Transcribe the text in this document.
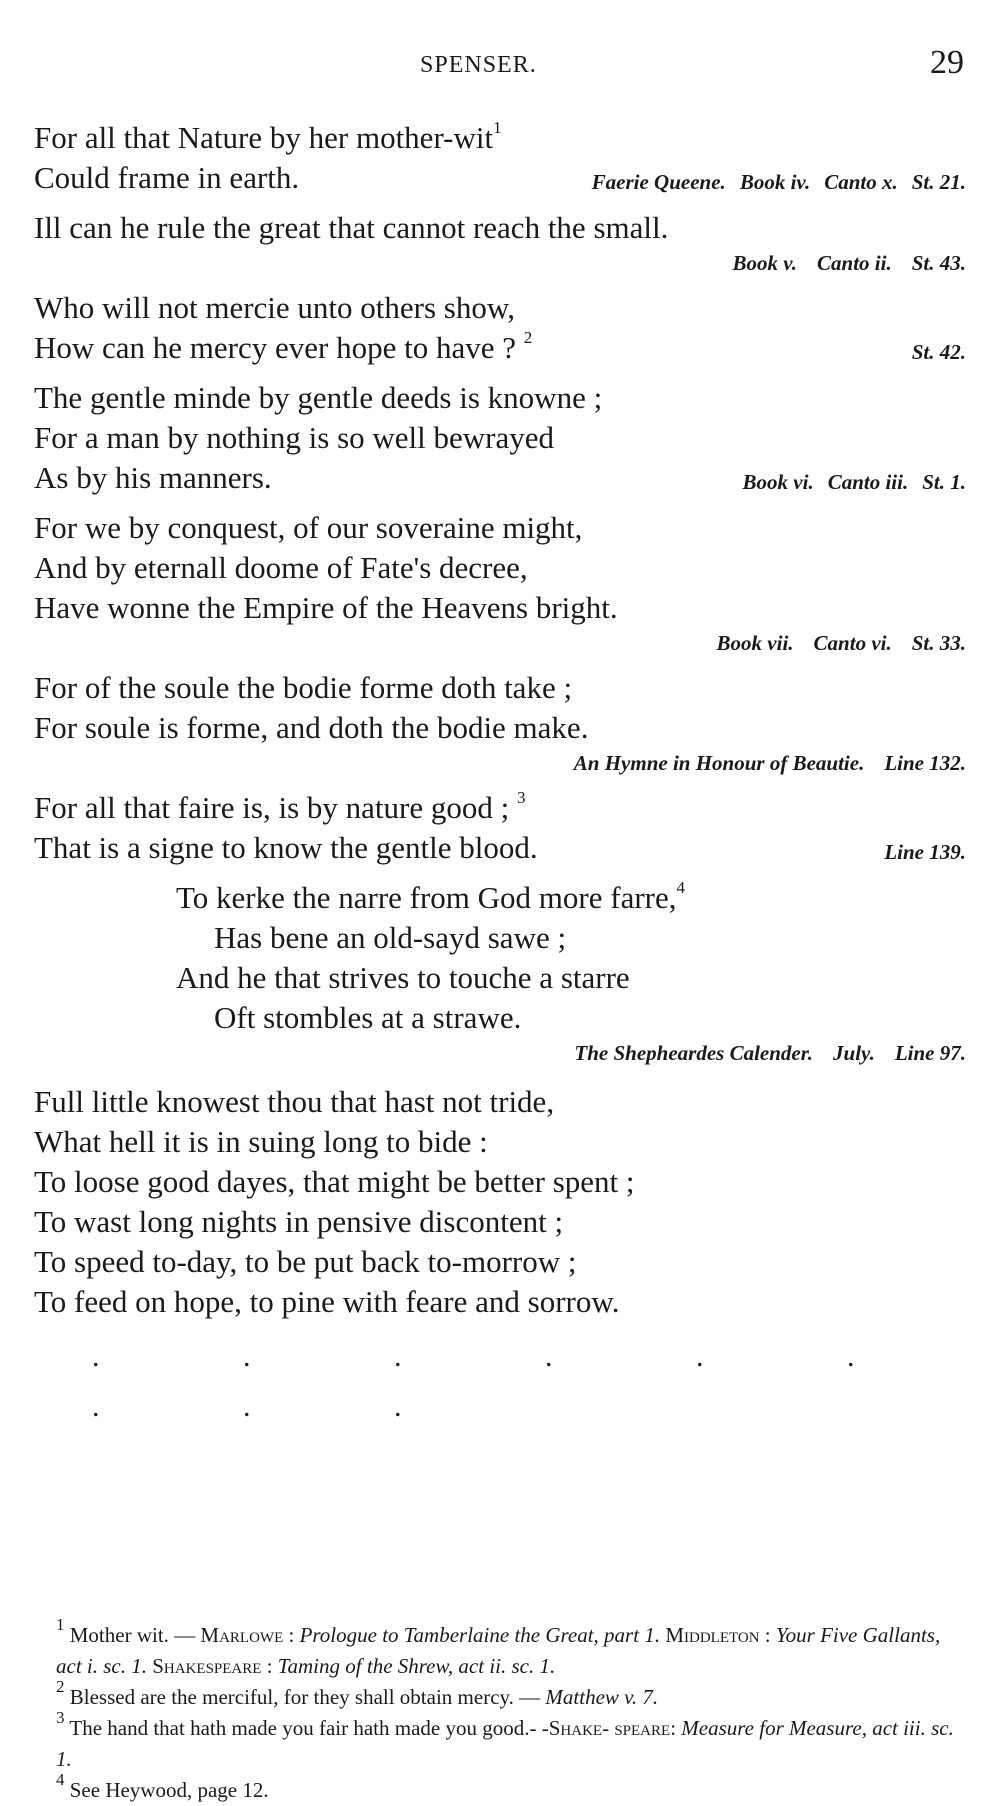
SPENSER.	29
For all that Nature by her mother-wit$^1$
Could frame in earth.	Faerie Queene. Book iv. Canto x. St. 21.
Ill can he rule the great that cannot reach the small.
Book v. Canto ii. St. 43.
Who will not mercie unto others show,
How can he mercy ever hope to have ? $^2$
St. 42.
The gentle minde by gentle deeds is knowne ;
For a man by nothing is so well bewrayed
As by his manners.	Book vi. Canto iii. St. 1.
For we by conquest, of our soveraine might,
And by eternall doome of Fate's decree,
Have wonne the Empire of the Heavens bright.
Book vii. Canto vi. St. 33.
For of the soule the bodie forme doth take ;
For soule is forme, and doth the bodie make.
An Hymne in Honour of Beautie. Line 132.
For all that faire is, is by nature good ; $^3$
That is a signe to know the gentle blood.	Line 139.
To kerke the narre from God more farre,$^4$
Has bene an old-sayd sawe ;
And he that strives to touche a starre
Oft stombles at a strawe.
The Shepheardes Calender. July. Line 97.
Full little knowest thou that hast not tride,
What hell it is in suing long to bide :
To loose good dayes, that might be better spent ;
To wast long nights in pensive discontent ;
To speed to-day, to be put back to-morrow ;
To feed on hope, to pine with feare and sorrow.
. . . . . . . . .

$^1$ Mother wit. — Marlowe : Prologue to Tamberlaine the Great, part 1. Middleton : Your Five Gallants, act i. sc. 1. Shakespeare : Taming of the Shrew, act ii. sc. 1.

$^2$ Blessed are the merciful, for they shall obtain mercy. — Matthew v. 7.

$^3$ The hand that hath made you fair hath made you good.- -Shake- speare: Measure for Measure, act iii. sc. 1.

$^4$ See Heywood, page 12.
